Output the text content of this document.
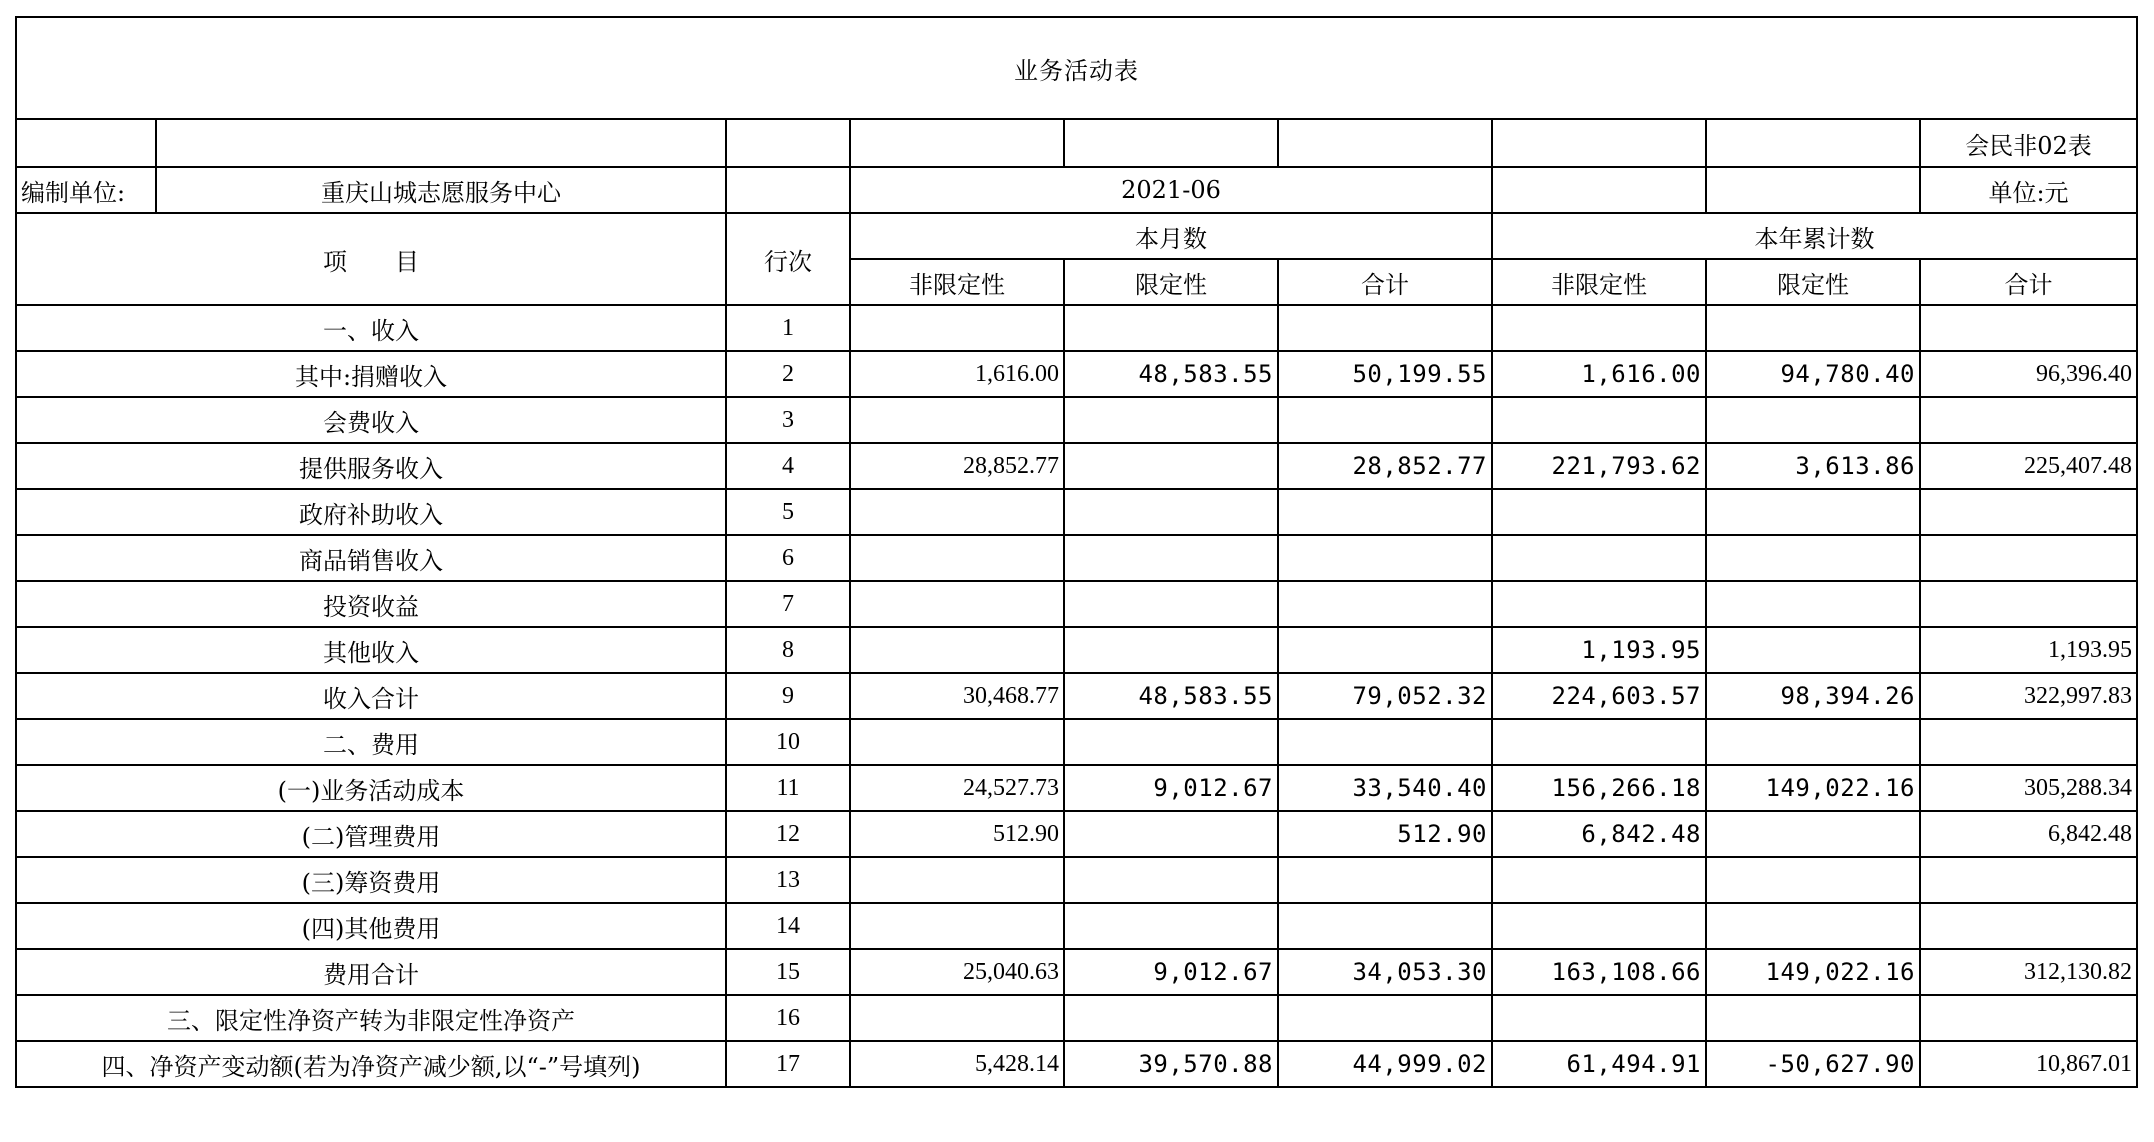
业务活动表								
								会民非02表
编制单位:	重庆山城志愿服务中心		2021-06					单位:元
项　　目		行次	本月数			本年累计数		
			非限定性	限定性	合计	非限定性	限定性	合计
一、收入		1						
其中:捐赠收入		2	1,616.00	48,583.55	50,199.55	1,616.00	94,780.40	96,396.40
会费收入		3						
提供服务收入		4	28,852.77		28,852.77	221,793.62	3,613.86	225,407.48
政府补助收入		5						
商品销售收入		6						
投资收益		7						
其他收入		8				1,193.95		1,193.95
收入合计		9	30,468.77	48,583.55	79,052.32	224,603.57	98,394.26	322,997.83
二、费用		10						
(一)业务活动成本		11	24,527.73	9,012.67	33,540.40	156,266.18	149,022.16	305,288.34
(二)管理费用		12	512.90		512.90	6,842.48		6,842.48
(三)筹资费用		13						
(四)其他费用		14						
费用合计		15	25,040.63	9,012.67	34,053.30	163,108.66	149,022.16	312,130.82
三、限定性净资产转为非限定性净资产		16						
四、净资产变动额(若为净资产减少额,以“-”号填列)		17	5,428.14	39,570.88	44,999.02	61,494.91	-50,627.90	10,867.01
